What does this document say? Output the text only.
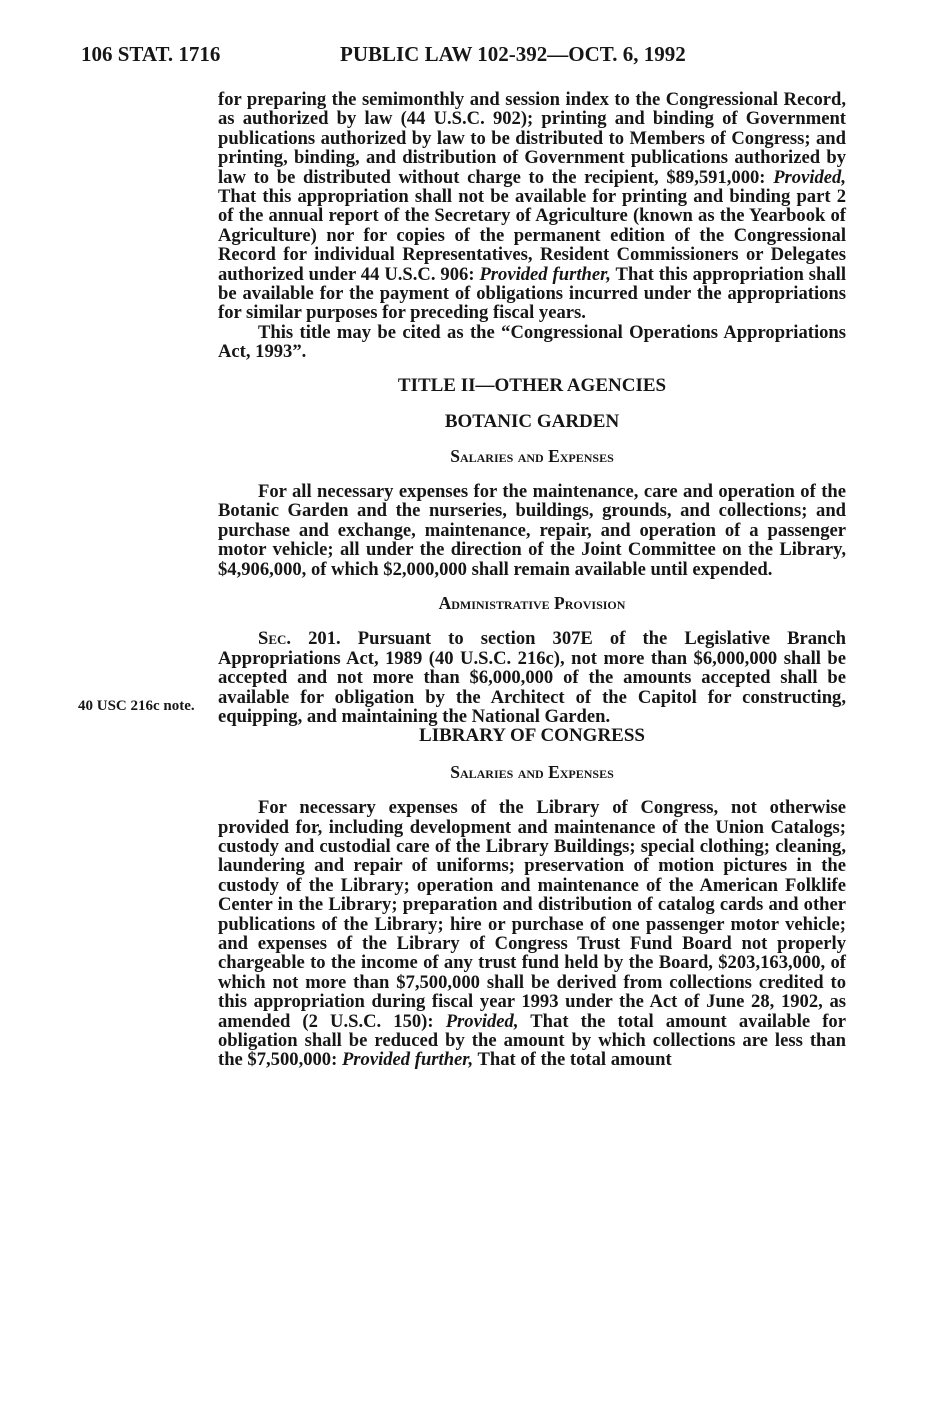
106 STAT. 1716	PUBLIC LAW 102-392—OCT. 6, 1992
40 USC 216c note.

for preparing the semimonthly and session index to the Congressional Record, as authorized by law (44 U.S.C. 902); printing and binding of Government publications authorized by law to be distributed to Members of Congress; and printing, binding, and distribution of Government publications authorized by law to be distributed without charge to the recipient, $89,591,000: Provided, That this appropriation shall not be available for printing and binding part 2 of the annual report of the Secretary of Agriculture (known as the Yearbook of Agriculture) nor for copies of the permanent edition of the Congressional Record for individual Representatives, Resident Commissioners or Delegates authorized under 44 U.S.C. 906: Provided further, That this appropriation shall be available for the payment of obligations incurred under the appropriations for similar purposes for preceding fiscal years.

This title may be cited as the “Congressional Operations Appropriations Act, 1993”.

TITLE II—OTHER AGENCIES
BOTANIC GARDEN
Salaries and Expenses

For all necessary expenses for the maintenance, care and operation of the Botanic Garden and the nurseries, buildings, grounds, and collections; and purchase and exchange, maintenance, repair, and operation of a passenger motor vehicle; all under the direction of the Joint Committee on the Library, $4,906,000, of which $2,000,000 shall remain available until expended.

Administrative Provision

Sec. 201. Pursuant to section 307E of the Legislative Branch Appropriations Act, 1989 (40 U.S.C. 216c), not more than $6,000,000 shall be accepted and not more than $6,000,000 of the amounts accepted shall be available for obligation by the Architect of the Capitol for constructing, equipping, and maintaining the National Garden.

LIBRARY OF CONGRESS
Salaries and Expenses

For necessary expenses of the Library of Congress, not otherwise provided for, including development and maintenance of the Union Catalogs; custody and custodial care of the Library Buildings; special clothing; cleaning, laundering and repair of uniforms; preservation of motion pictures in the custody of the Library; operation and maintenance of the American Folklife Center in the Library; preparation and distribution of catalog cards and other publications of the Library; hire or purchase of one passenger motor vehicle; and expenses of the Library of Congress Trust Fund Board not properly chargeable to the income of any trust fund held by the Board, $203,163,000, of which not more than $7,500,000 shall be derived from collections credited to this appropriation during fiscal year 1993 under the Act of June 28, 1902, as amended (2 U.S.C. 150): Provided, That the total amount available for obligation shall be reduced by the amount by which collections are less than the $7,500,000: Provided further, That of the total amount
